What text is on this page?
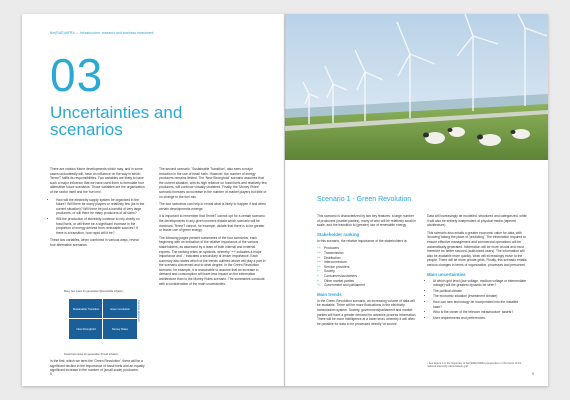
Net(RAD)INFRA — Infrastructure, research and business investment
03
Uncertainties and scenarios

There are various future developments which may, and in some cases undoubtedly will, have an influence on the way in which TenneT fulfils its responsibilities. Two variables are likely to have such a major influence that we have used them to formulate four alternative future scenarios. Those variables are the organization of the sector itself and the 'fuel mix'.

• How will the electricity supply system be organized in the future? Will there be many players or relatively few (as in the current situation)? Will there be just a handful of very large producers, or will there be many producers of all sizes?
• Will the production of electricity continue to rely chiefly on fossil fuels, or will there be a significant increase in the proportion of energy derived from renewable sources? If there is a transition, how rapid will it be?

These two variables, when combined in various ways, reveal four alternative scenarios.

Many few types for generation (Renewable infrastr.)
Sustainable Transition	Green revolution
New Stronghold	Money Rules
Few large producers
Fossil fuel mixes for generation (Fossil infrastr.)

In the first, which we term the 'Green Revolution', there will be a significant decline in the importance of fossil fuels and an equally significant increase in the number of (small-scale) producers.

The second scenario, 'Sustainable Transition', also sees a major reduction in the use of fossil fuels. However, the number of energy producers remains limited. The 'New Stronghold' scenario assumes that the current situation, with its high reliance on fossil fuels and relatively few producers, will continue virtually unaltered. Finally, the 'Money Rules' scenario foresees an increase in the number of market players but little or no change to the fuel mix.

The four scenarios can help to reveal what is likely to happen if and when certain developments emerge.

It is important to remember that TenneT cannot opt for a certain scenario: the developments in any given moment dictate which scenario will be dominant. TenneT cannot, for example, dictate that there is to be greater or lesser use of green energy.

The following pages present summaries of the four scenarios, each beginning with an indication of the relative importance of the various stakeholders, as assessed by a team of both internal and external experts. The ranking relies on symbols, whereby '++' indicates a major importance and '-' indicates a secondary or lesser importance. Each summary also states which of the trends outlined above will play a part in the scenario concerned and to what degree. In the Green Revolution scenario, for example, it is reasonable to assume that an increase in demand and consumption will have less impact on the information architecture than in the Money Rules scenario. The summaries conclude with a consideration of the main uncertainties.

8
Scenario 1 - Green Revolution

This scenario is characterized by two key features: a large number of producers (market parties), many of who will be relatively small in scale, and the transition to (greater) use of renewable energy.

Stakeholder ranking

In this scenario, the relative importance of the stakeholders is:

++ Producers
++ Transmission
++ Distribution
++ Interconnectors
++ Service providers
+	Society
+	Consumers/customers
+	Other market parties
+/- Government and parliament
Main trends

In the Green Revolution scenario, an increasing volume of data will be available. There will be more fluctuations in the electricity transmission system. Society, government/parliament and market parties will have a greater demand for advance-process information. There will be more intelligence at a lower level, whereby it will often be possible for data to be processed directly 'at source'.

Data will increasingly be modelled, structured and categorized, while it will also be entirely independent of physical media (tapered architecture).

This scenario also entails a greater economic value for data, with 'knowing' taking the place of 'predicting'. The information required to ensure effective management and commercial operations will be automatically generated. Information will be more crucial and must therefore be better secured (authorized users). The information will also be available more quickly. Work will increasingly move to the people. There will be more private grids. Finally, this scenario entails various changes in terms of organization, processes and personnel.

Main uncertainties
• At which grid level (low voltage, medium voltage or intermediate voltage) will the greatest dynamic be seen?
• The political climate
• The economic situation (investment climate)
• How can new technology be incorporated into the installed base?
• Who is the owner of the telecom infrastructure' assets?
• User requirements and preferences.
¹ See Figure 1 in the Summary of Net(RAD)INFRA perspective on the future of the national electricity transmission grid.
9
